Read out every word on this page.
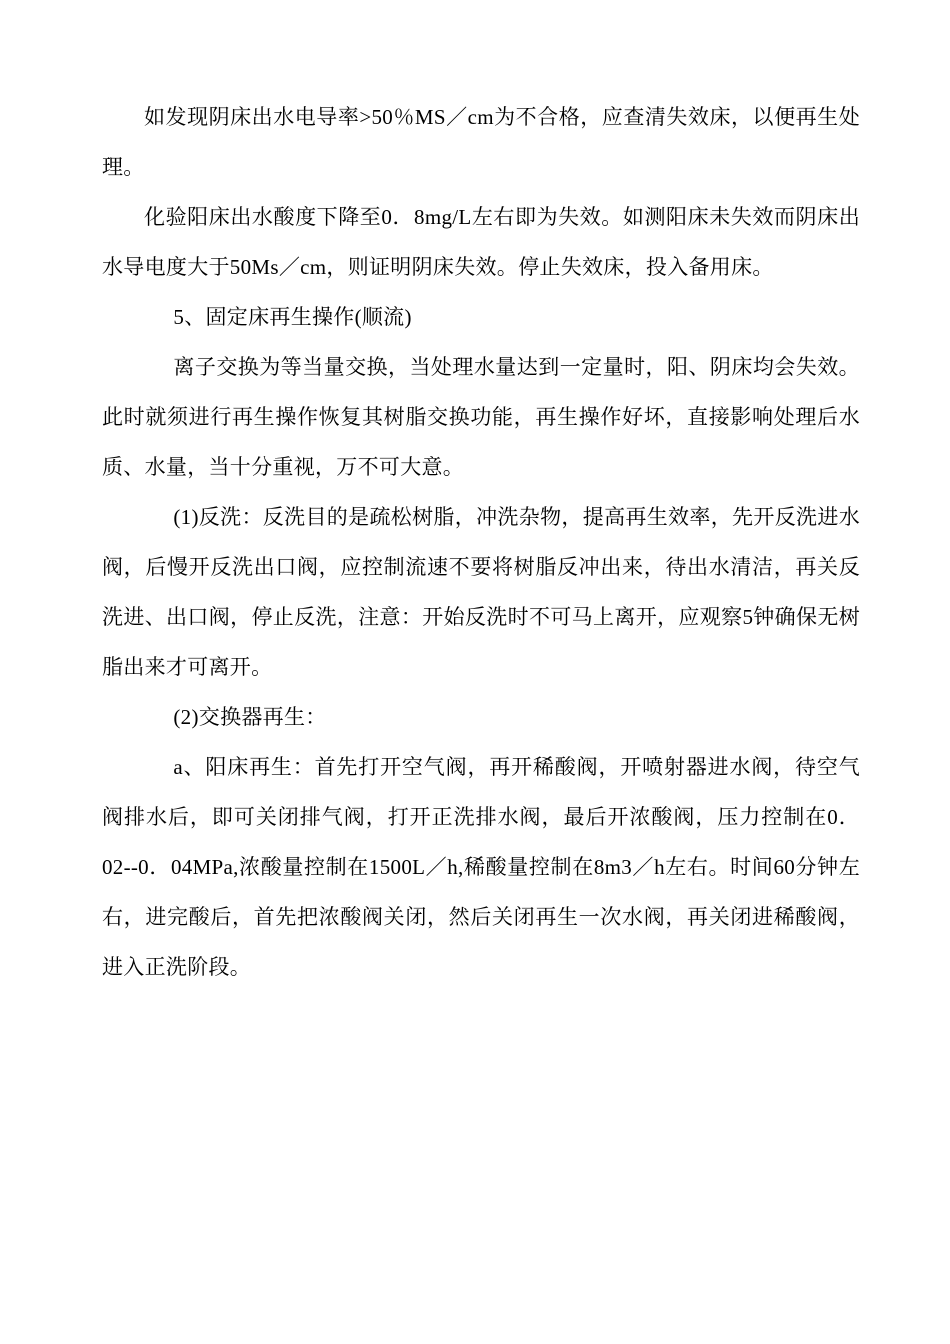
如发现阴床出水电导率>50％MS／cm为不合格，应查清失效床，以便再生处理。

化验阳床出水酸度下降至0．8mg/L左右即为失效。如测阳床未失效而阴床出水导电度大于50Ms／cm，则证明阴床失效。停止失效床，投入备用床。

5、固定床再生操作(顺流)

离子交换为等当量交换，当处理水量达到一定量时，阳、阴床均会失效。此时就须进行再生操作恢复其树脂交换功能，再生操作好坏，直接影响处理后水质、水量，当十分重视，万不可大意。

(1)反洗：反洗目的是疏松树脂，冲洗杂物，提高再生效率，先开反洗进水阀，后慢开反洗出口阀，应控制流速不要将树脂反冲出来，待出水清洁，再关反洗进、出口阀，停止反洗，注意：开始反洗时不可马上离开，应观察5钟确保无树脂出来才可离开。

(2)交换器再生：

a、阳床再生：首先打开空气阀，再开稀酸阀，开喷射器进水阀，待空气阀排水后，即可关闭排气阀，打开正洗排水阀，最后开浓酸阀，压力控制在0．02--0．04MPa,浓酸量控制在1500L／h,稀酸量控制在8m3／h左右。时间60分钟左右，进完酸后，首先把浓酸阀关闭，然后关闭再生一次水阀，再关闭进稀酸阀，进入正洗阶段。
